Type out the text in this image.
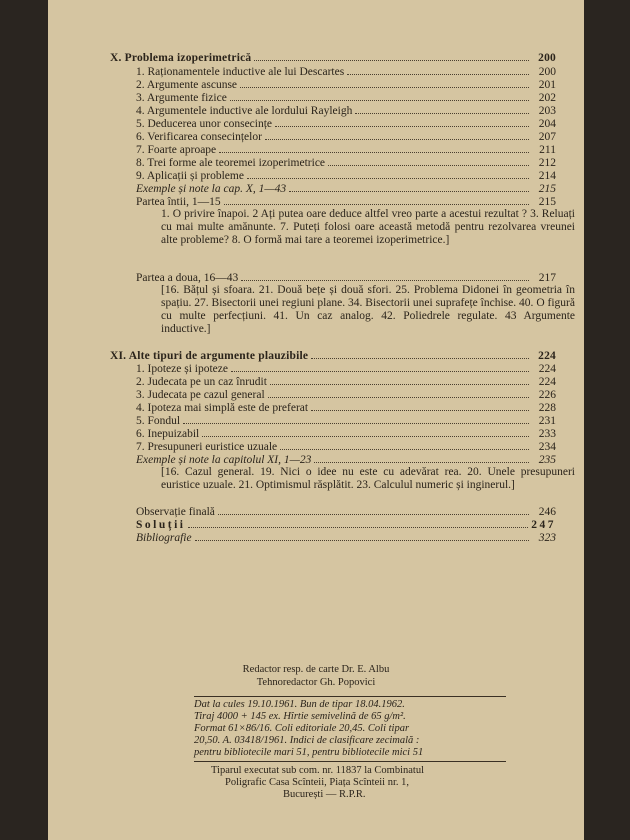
X. Problema izoperimetrică	200
1. Raționamentele inductive ale lui Descartes	200
2. Argumente ascunse	201
3. Argumente fizice	202
4. Argumentele inductive ale lordului Rayleigh	203
5. Deducerea unor consecințe	204
6. Verificarea consecințelor	207
7. Foarte aproape	211
8. Trei forme ale teoremei izoperimetrice	212
9. Aplicații și probleme	214
Exemple și note la cap. X, 1—43	215
Partea întii, 1—15	215
Partea a doua, 16—43	217
XI. Alte tipuri de argumente plauzibile	224
1. Ipoteze și ipoteze	224
2. Judecata pe un caz înrudit	224
3. Judecata pe cazul general	226
4. Ipoteza mai simplă este de preferat	228
5. Fondul	231
6. Inepuizabil	233
7. Presupuneri euristice uzuale	234
Exemple și note la capitolul XI, 1—23	235
Observație finală	246
Soluții	247
Bibliografie	323
1. O privire înapoi. 2 Ați putea oare deduce altfel vreo parte a acestui rezultat ? 3. Reluați cu mai multe amănunte. 7. Puteți folosi oare această metodă pentru rezolvarea vreunei alte probleme? 8. O formă mai tare a teoremei izoperimetrice.]
[16. Bățul și sfoara. 21. Două bețe și două sfori. 25. Problema Didonei în geometria în spațiu. 27. Bisectorii unei regiuni plane. 34. Bisectorii unei suprafețe închise. 40. O figură cu multe perfecțiuni. 41. Un caz analog. 42. Poliedrele regulate. 43 Argumente inductive.]
[16. Cazul general. 19. Nici o idee nu este cu adevărat rea. 20. Unele presupuneri euristice uzuale. 21. Optimismul răsplătit. 23. Calculul numeric și inginerul.]
Redactor resp. de carte Dr. E. Albu
Tehnoredactor Gh. Popovici
Dat la cules 19.10.1961. Bun de tipar 18.04.1962.
Tiraj 4000 + 145 ex. Hîrtie semivelină de 65 g/m².
Format 61×86/16. Coli editoriale 20,45. Coli tipar
20,50. A. 03418/1961. Indici de clasificare zecimală :
pentru bibliotecile mari 51, pentru bibliotecile mici 51
Tiparul executat sub com. nr. 11837 la Combinatul
Poligrafic Casa Scînteii, Piața Scînteii nr. 1,
București — R.P.R.
